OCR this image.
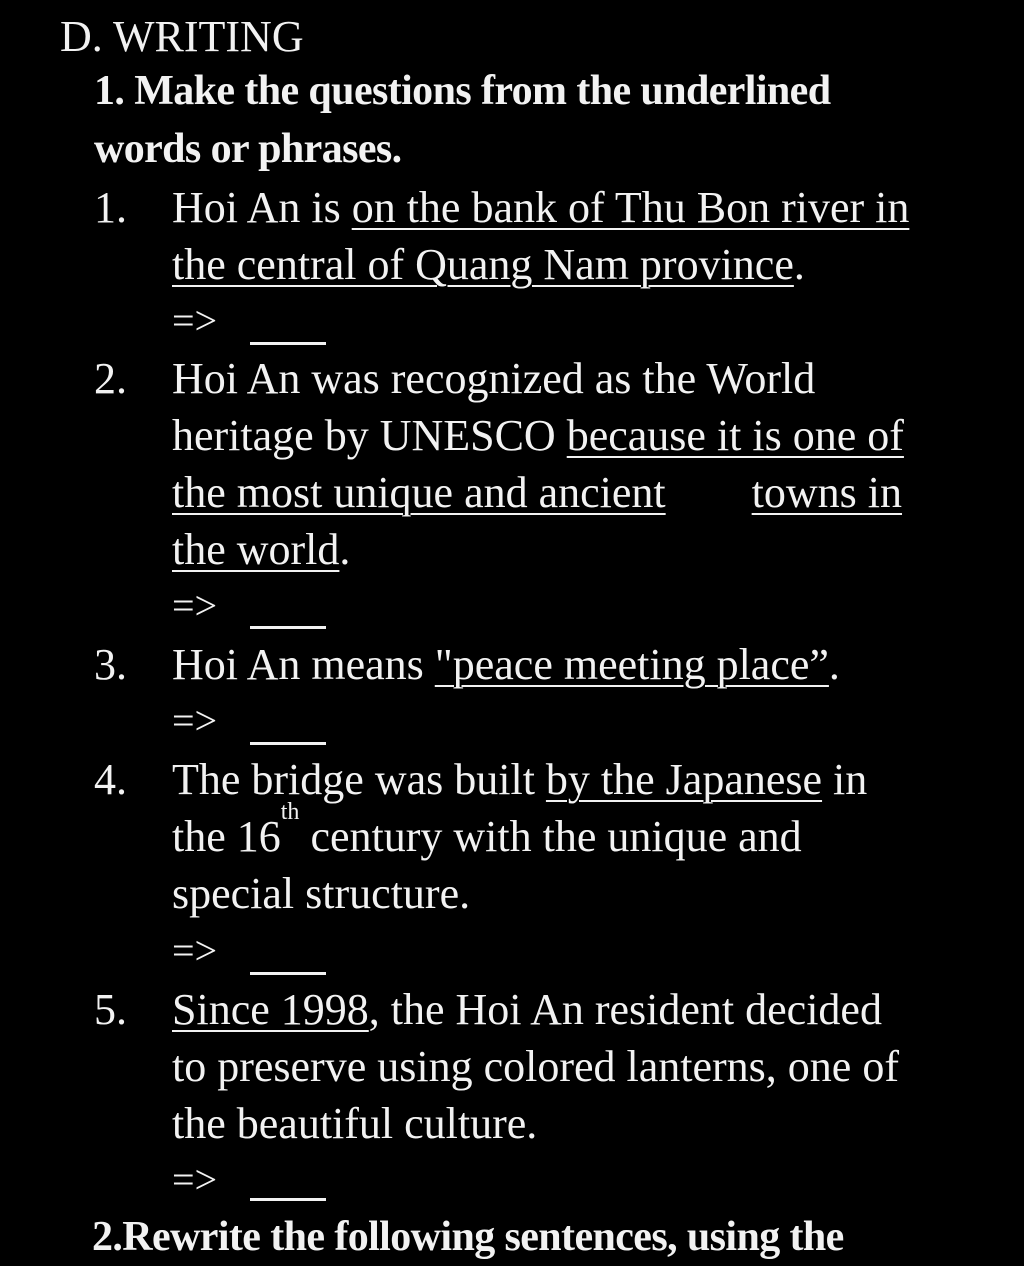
D. WRITING
1. Make the questions from the underlined
words or phrases.
1. Hoi An is on the bank of Thu Bon river in
the central of Quang Nam province.
=>
2. Hoi An was recognized as the World
heritage by UNESCO because it is one of
the most unique and ancient towns in
the world.
=>
3. Hoi An means "peace meeting place”.
=>
4. The bridge was built by the Japanese in
the 16th century with the unique and
special structure.
=>
5. Since 1998, the Hoi An resident decided
to preserve using colored lanterns, one of
the beautiful culture.
=>
2.Rewrite the following sentences, using the
